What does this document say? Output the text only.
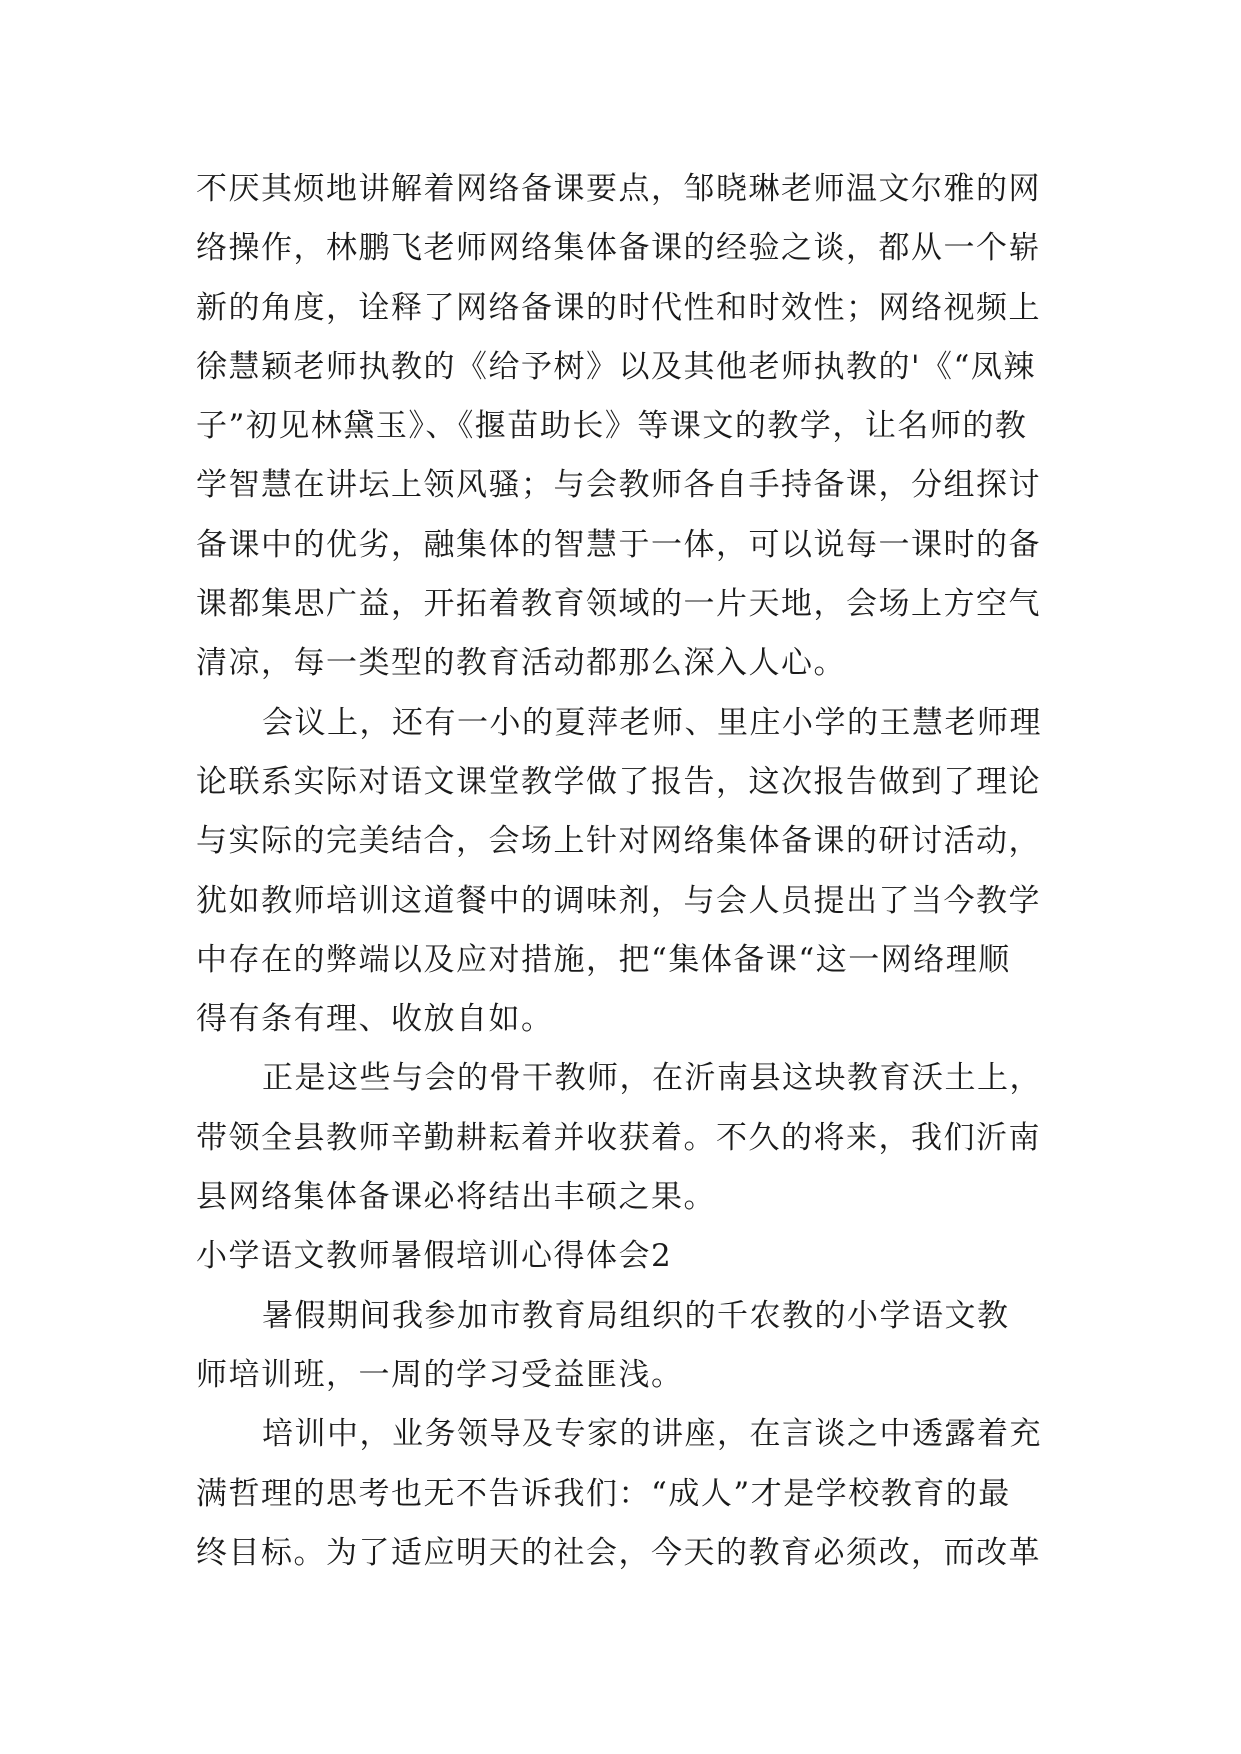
不厌其烦地讲解着网络备课要点，邹晓琳老师温文尔雅的网
络操作，林鹏飞老师网络集体备课的经验之谈，都从一个崭
新的角度，诠释了网络备课的时代性和时效性；网络视频上
徐慧颖老师执教的《给予树》以及其他老师执教的'《“凤辣
子”初见林黛玉》、《揠苗助长》等课文的教学，让名师的教
学智慧在讲坛上领风骚；与会教师各自手持备课，分组探讨
备课中的优劣，融集体的智慧于一体，可以说每一课时的备
课都集思广益，开拓着教育领域的一片天地，会场上方空气
清凉，每一类型的教育活动都那么深入人心。
会议上，还有一小的夏萍老师、里庄小学的王慧老师理
论联系实际对语文课堂教学做了报告，这次报告做到了理论
与实际的完美结合，会场上针对网络集体备课的研讨活动，
犹如教师培训这道餐中的调味剂，与会人员提出了当今教学
中存在的弊端以及应对措施，把“集体备课“这一网络理顺
得有条有理、收放自如。
正是这些与会的骨干教师，在沂南县这块教育沃土上，
带领全县教师辛勤耕耘着并收获着。不久的将来，我们沂南
县网络集体备课必将结出丰硕之果。
小学语文教师暑假培训心得体会2
暑假期间我参加市教育局组织的千农教的小学语文教
师培训班，一周的学习受益匪浅。
培训中，业务领导及专家的讲座，在言谈之中透露着充
满哲理的思考也无不告诉我们：“成人”才是学校教育的最
终目标。为了适应明天的社会，今天的教育必须改，而改革
